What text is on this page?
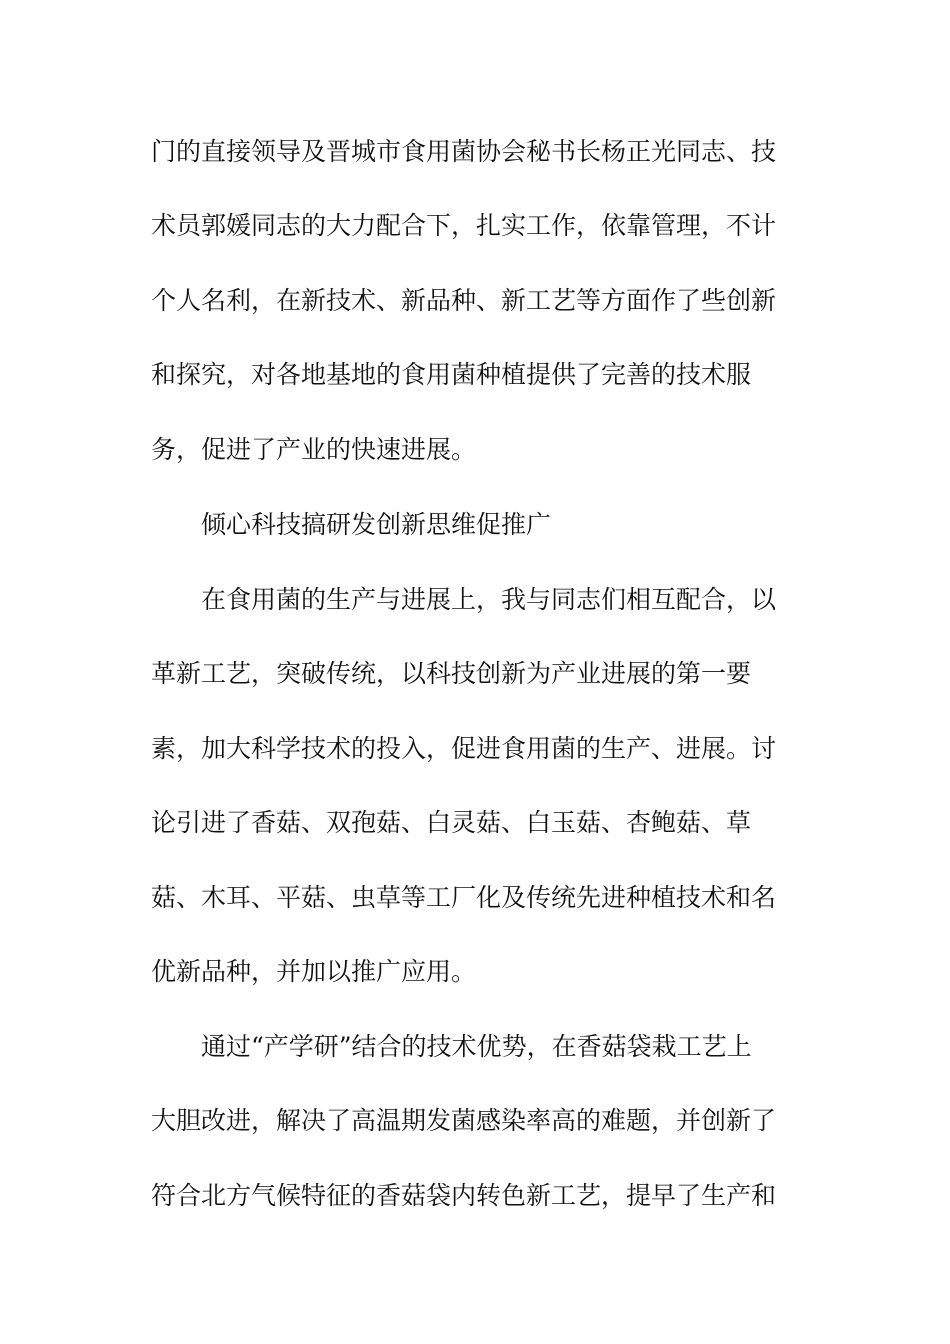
门的直接领导及晋城市食用菌协会秘书长杨正光同志、技
术员郭媛同志的大力配合下，扎实工作，依靠管理，不计
个人名利，在新技术、新品种、新工艺等方面作了些创新
和探究，对各地基地的食用菌种植提供了完善的技术服
务，促进了产业的快速进展。
倾心科技搞研发创新思维促推广
在食用菌的生产与进展上，我与同志们相互配合，以
革新工艺，突破传统，以科技创新为产业进展的第一要
素，加大科学技术的投入，促进食用菌的生产、进展。讨
论引进了香菇、双孢菇、白灵菇、白玉菇、杏鲍菇、草
菇、木耳、平菇、虫草等工厂化及传统先进种植技术和名
优新品种，并加以推广应用。
通过“产学研”结合的技术优势，在香菇袋栽工艺上
大胆改进，解决了高温期发菌感染率高的难题，并创新了
符合北方气候特征的香菇袋内转色新工艺，提早了生产和
